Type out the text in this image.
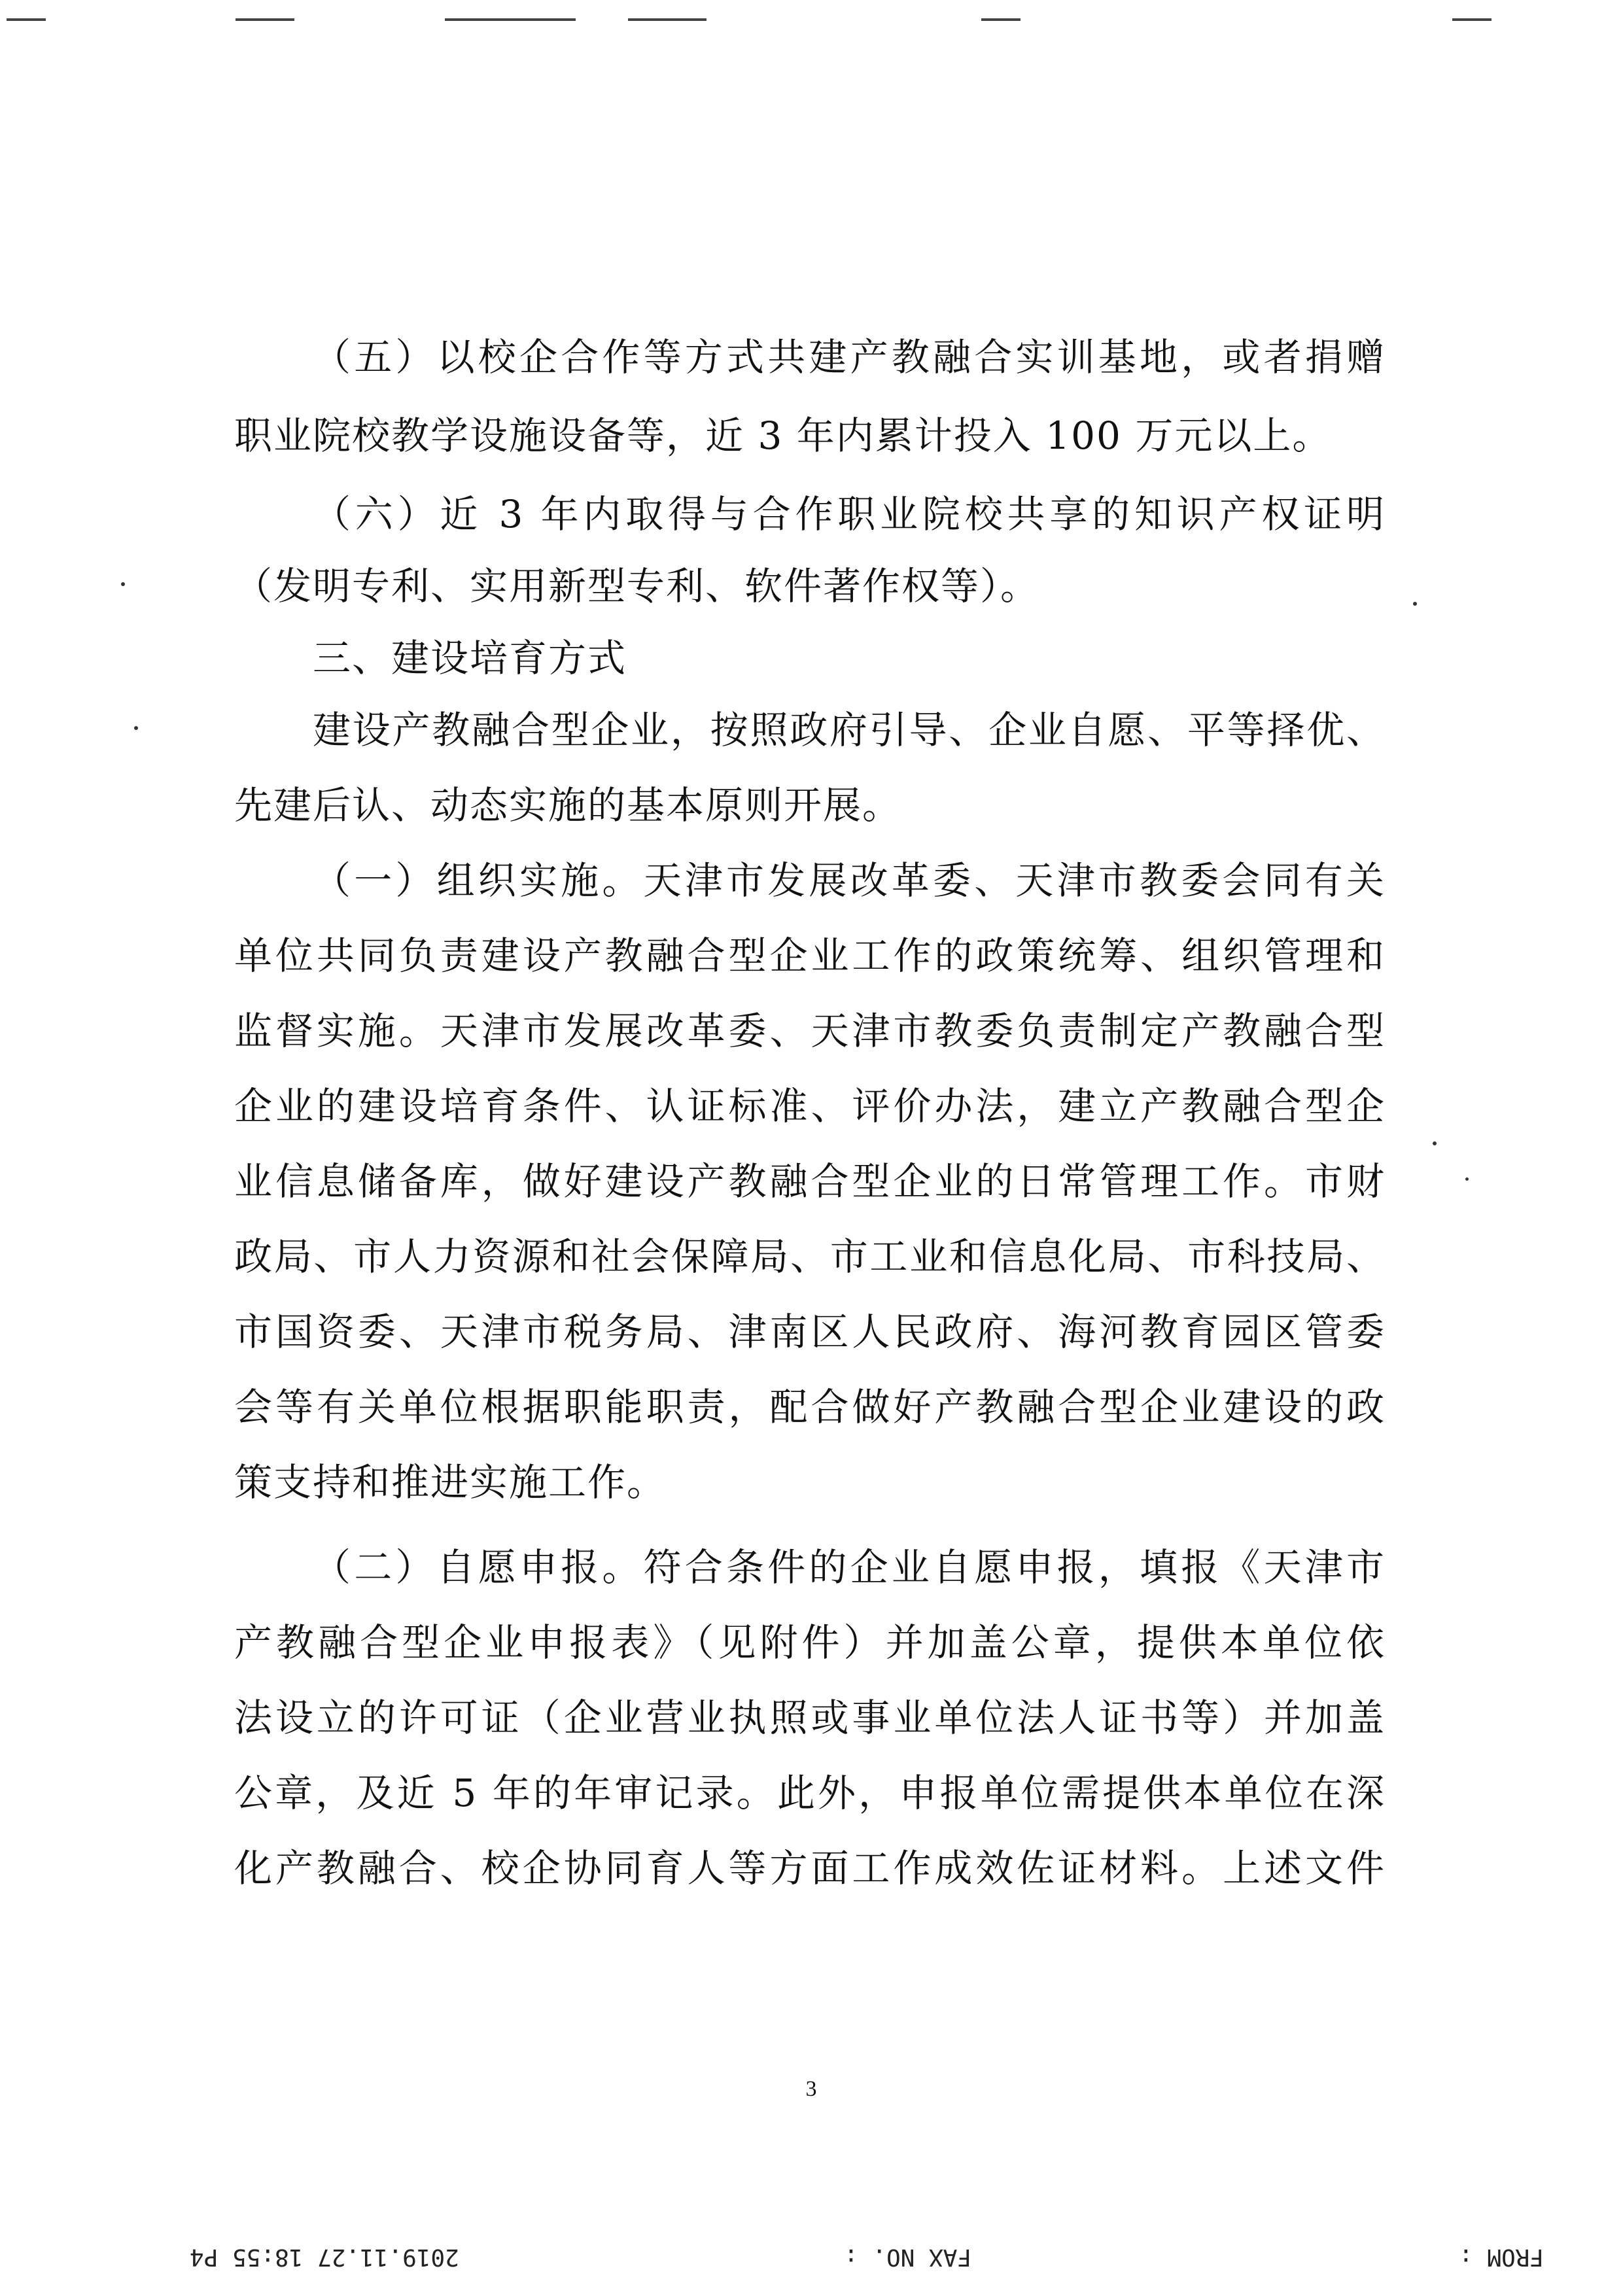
（五）以校企合作等方式共建产教融合实训基地，或者捐赠
职业院校教学设施设备等，近 3 年内累计投入 100 万元以上。
（六）近 3 年内取得与合作职业院校共享的知识产权证明
（发明专利、实用新型专利、软件著作权等）。
三、建设培育方式
建设产教融合型企业，按照政府引导、企业自愿、平等择优、
先建后认、动态实施的基本原则开展。
（一）组织实施。天津市发展改革委、天津市教委会同有关
单位共同负责建设产教融合型企业工作的政策统筹、组织管理和
监督实施。天津市发展改革委、天津市教委负责制定产教融合型
企业的建设培育条件、认证标准、评价办法，建立产教融合型企
业信息储备库，做好建设产教融合型企业的日常管理工作。市财
政局、市人力资源和社会保障局、市工业和信息化局、市科技局、
市国资委、天津市税务局、津南区人民政府、海河教育园区管委
会等有关单位根据职能职责，配合做好产教融合型企业建设的政
策支持和推进实施工作。
（二）自愿申报。符合条件的企业自愿申报，填报《天津市
产教融合型企业申报表》（见附件）并加盖公章，提供本单位依
法设立的许可证（企业营业执照或事业单位法人证书等）并加盖
公章，及近 5 年的年审记录。此外，申报单位需提供本单位在深
化产教融合、校企协同育人等方面工作成效佐证材料。上述文件
3
FROM :
FAX NO. :
2019.11.27 18:55 P4
